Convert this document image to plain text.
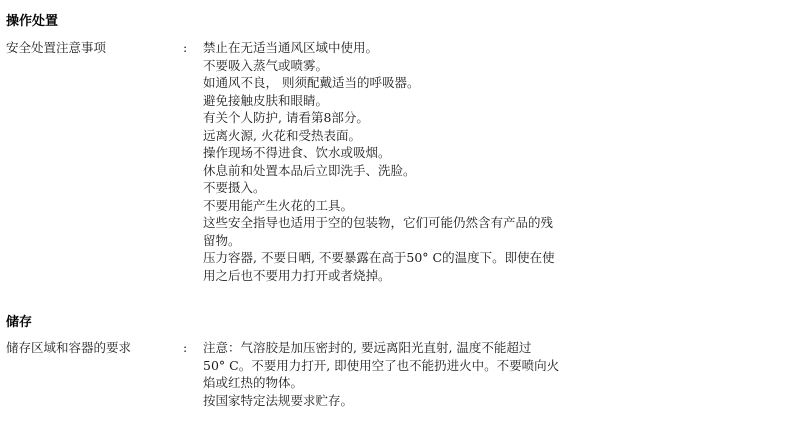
操作处置
安全处置注意事项	: 禁止在无适当通风区域中使用。
不要吸入蒸气或喷雾。
如通风不良， 则须配戴适当的呼吸器。
避免接触皮肤和眼睛。
有关个人防护, 请看第8部分。
远离火源, 火花和受热表面。
操作现场不得进食、饮水或吸烟。
休息前和处置本品后立即洗手、洗脸。
不要摄入。
不要用能产生火花的工具。
这些安全指导也适用于空的包装物，它们可能仍然含有产品的残
留物。
压力容器, 不要日晒, 不要暴露在高于50° C的温度下。即使在使
用之后也不要用力打开或者烧掉。
储存
储存区域和容器的要求	: 注意：气溶胶是加压密封的, 要远离阳光直射, 温度不能超过
50° C。不要用力打开, 即使用空了也不能扔进火中。不要喷向火
焰或红热的物体。
按国家特定法规要求贮存。
